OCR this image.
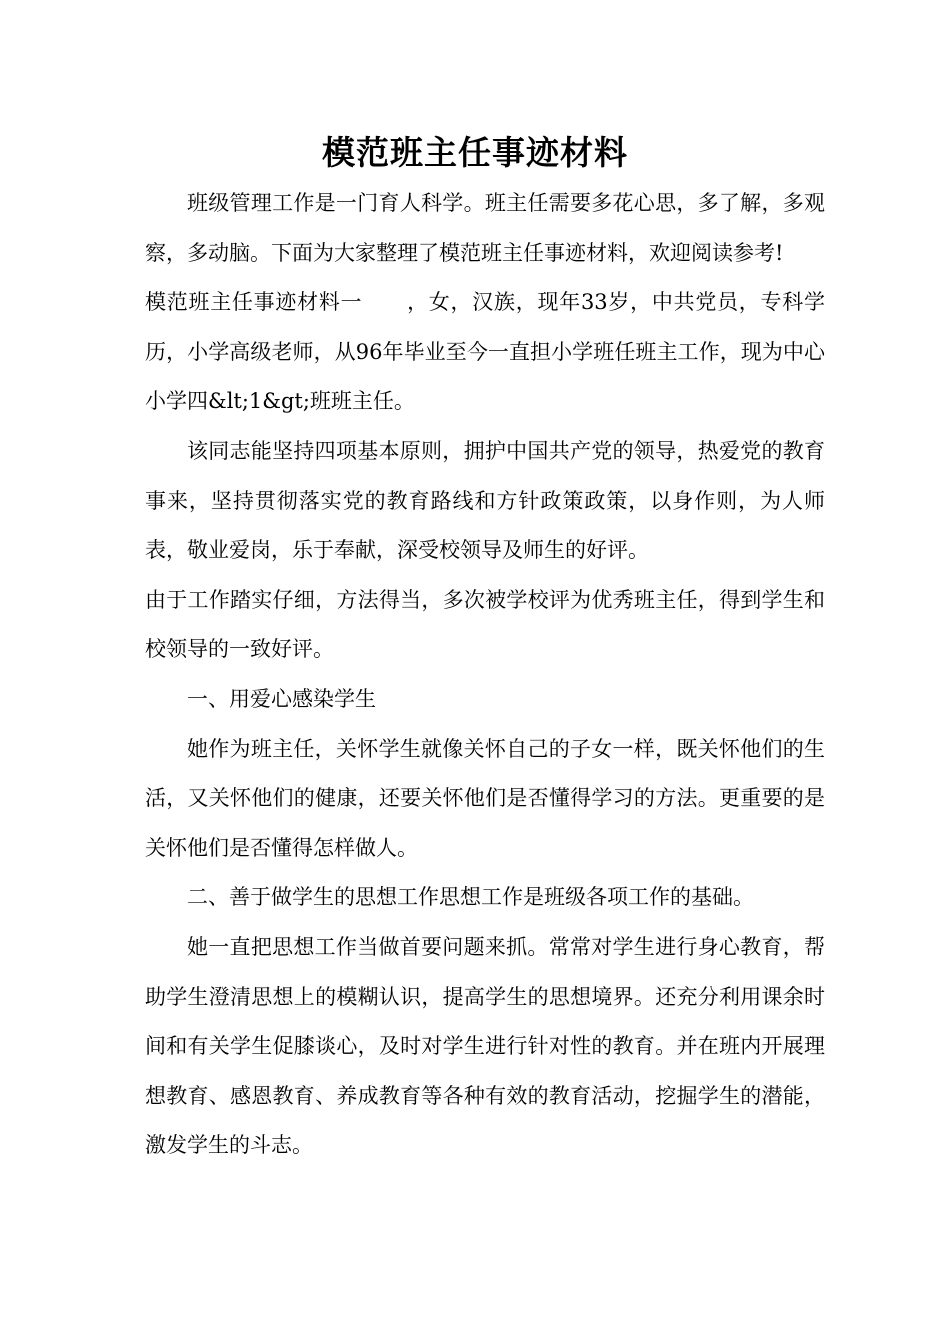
模范班主任事迹材料

班级管理工作是一门育人科学。班主任需要多花心思，多了解，多观察，多动脑。下面为大家整理了模范班主任事迹材料，欢迎阅读参考!

模范班主任事迹材料一 ，女，汉族，现年33岁，中共党员，专科学历，小学高级老师，从96年毕业至今一直担小学班任班主工作，现为中心小学四&lt;1&gt;班班主任。

该同志能坚持四项基本原则，拥护中国共产党的领导，热爱党的教育事来，坚持贯彻落实党的教育路线和方针政策政策，以身作则，为人师表，敬业爱岗，乐于奉献，深受校领导及师生的好评。

由于工作踏实仔细，方法得当，多次被学校评为优秀班主任，得到学生和校领导的一致好评。

一、用爱心感染学生

她作为班主任，关怀学生就像关怀自己的子女一样，既关怀他们的生活，又关怀他们的健康，还要关怀他们是否懂得学习的方法。更重要的是关怀他们是否懂得怎样做人。

二、善于做学生的思想工作思想工作是班级各项工作的基础。

她一直把思想工作当做首要问题来抓。常常对学生进行身心教育，帮助学生澄清思想上的模糊认识，提高学生的思想境界。还充分利用课余时间和有关学生促膝谈心，及时对学生进行针对性的教育。并在班内开展理想教育、感恩教育、养成教育等各种有效的教育活动，挖掘学生的潜能，激发学生的斗志。
